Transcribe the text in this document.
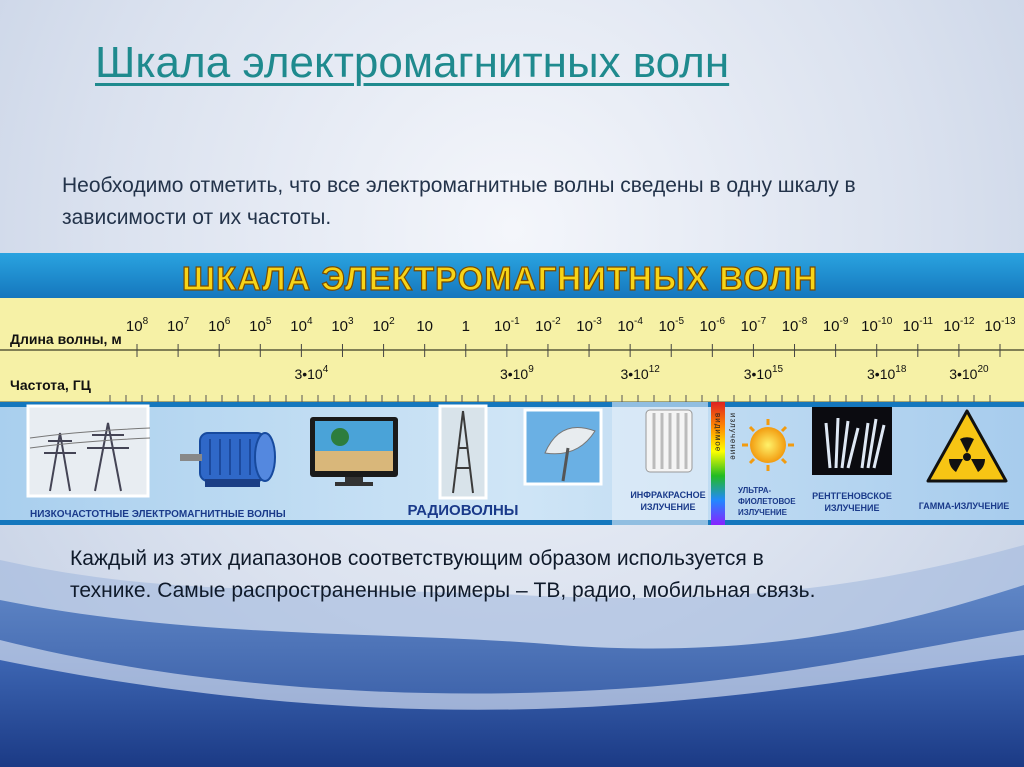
Шкала электромагнитных волн
Необходимо отметить, что все электромагнитные волны сведены в одну шкалу в зависимости от их частоты.
ШКАЛА ЭЛЕКТРОМАГНИТНЫХ ВОЛН
Длина волны, м
Частота, ГЦ
$10^8$ $10^7$ $10^6$ $10^5$ $10^4$ $10^3$ $10^2$ 10 1 $10^{-1}$ $10^{-2}$ $10^{-3}$ $10^{-4}$ $10^{-5}$ $10^{-6}$ $10^{-7}$ $10^{-8}$ $10^{-9}$ $10^{-10}$ $10^{-11}$ $10^{-12}$ $10^{-13}$
$3•10^4$	$3•10^9$	$3•10^{12}$	$3•10^{15}$	$3•10^{18}$	$3•10^{20}$
видимое излучение
НИЗКОЧАСТОТНЫЕ ЭЛЕКТРОМАГНИТНЫЕ ВОЛНЫ	РАДИОВОЛНЫ
ИНФРАКРАСНОЕ
ИЗЛУЧЕНИЕ
УЛЬТРА-
ФИОЛЕТОВОЕ
ИЗЛУЧЕНИЕ
РЕНТГЕНОВСКОЕ
ИЗЛУЧЕНИЕ	ГАММА-ИЗЛУЧЕНИЕ
Каждый из этих диапазонов соответствующим образом используется в технике. Самые распространенные примеры – ТВ, радио, мобильная связь.
